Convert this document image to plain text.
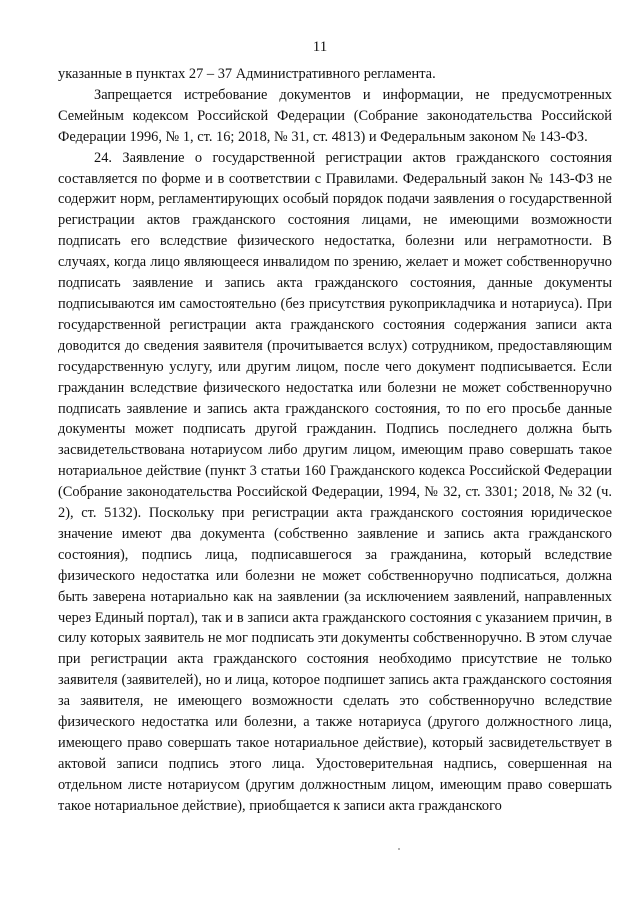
11

указанные в пунктах 27 – 37 Административного регламента.

Запрещается истребование документов и информации, не предусмотренных Семейным кодексом Российской Федерации (Собрание законодательства Российской Федерации 1996, № 1, ст. 16; 2018, № 31, ст. 4813) и Федеральным законом № 143-ФЗ.

24. Заявление о государственной регистрации актов гражданского состояния составляется по форме и в соответствии с Правилами. Федеральный закон № 143-ФЗ не содержит норм, регламентирующих особый порядок подачи заявления о государственной регистрации актов гражданского состояния лицами, не имеющими возможности подписать его вследствие физического недостатка, болезни или неграмотности. В случаях, когда лицо являющееся инвалидом по зрению, желает и может собственноручно подписать заявление и запись акта гражданского состояния, данные документы подписываются им самостоятельно (без присутствия рукоприкладчика и нотариуса). При государственной регистрации акта гражданского состояния содержания записи акта доводится до сведения заявителя (прочитывается вслух) сотрудником, предоставляющим государственную услугу, или другим лицом, после чего документ подписывается. Если гражданин вследствие физического недостатка или болезни не может собственноручно подписать заявление и запись акта гражданского состояния, то по его просьбе данные документы может подписать другой гражданин. Подпись последнего должна быть засвидетельствована нотариусом либо другим лицом, имеющим право совершать такое нотариальное действие (пункт 3 статьи 160 Гражданского кодекса Российской Федерации (Собрание законодательства Российской Федерации, 1994, № 32, ст. 3301; 2018, № 32 (ч. 2), ст. 5132). Поскольку при регистрации акта гражданского состояния юридическое значение имеют два документа (собственно заявление и запись акта гражданского состояния), подпись лица, подписавшегося за гражданина, который вследствие физического недостатка или болезни не может собственноручно подписаться, должна быть заверена нотариально как на заявлении (за исключением заявлений, направленных через Единый портал), так и в записи акта гражданского состояния с указанием причин, в силу которых заявитель не мог подписать эти документы собственноручно. В этом случае при регистрации акта гражданского состояния необходимо присутствие не только заявителя (заявителей), но и лица, которое подпишет запись акта гражданского состояния за заявителя, не имеющего возможности сделать это собственноручно вследствие физического недостатка или болезни, а также нотариуса (другого должностного лица, имеющего право совершать такое нотариальное действие), который засвидетельствует в актовой записи подпись этого лица. Удостоверительная надпись, совершенная на отдельном листе нотариусом (другим должностным лицом, имеющим право совершать такое нотариальное действие), приобщается к записи акта гражданского
